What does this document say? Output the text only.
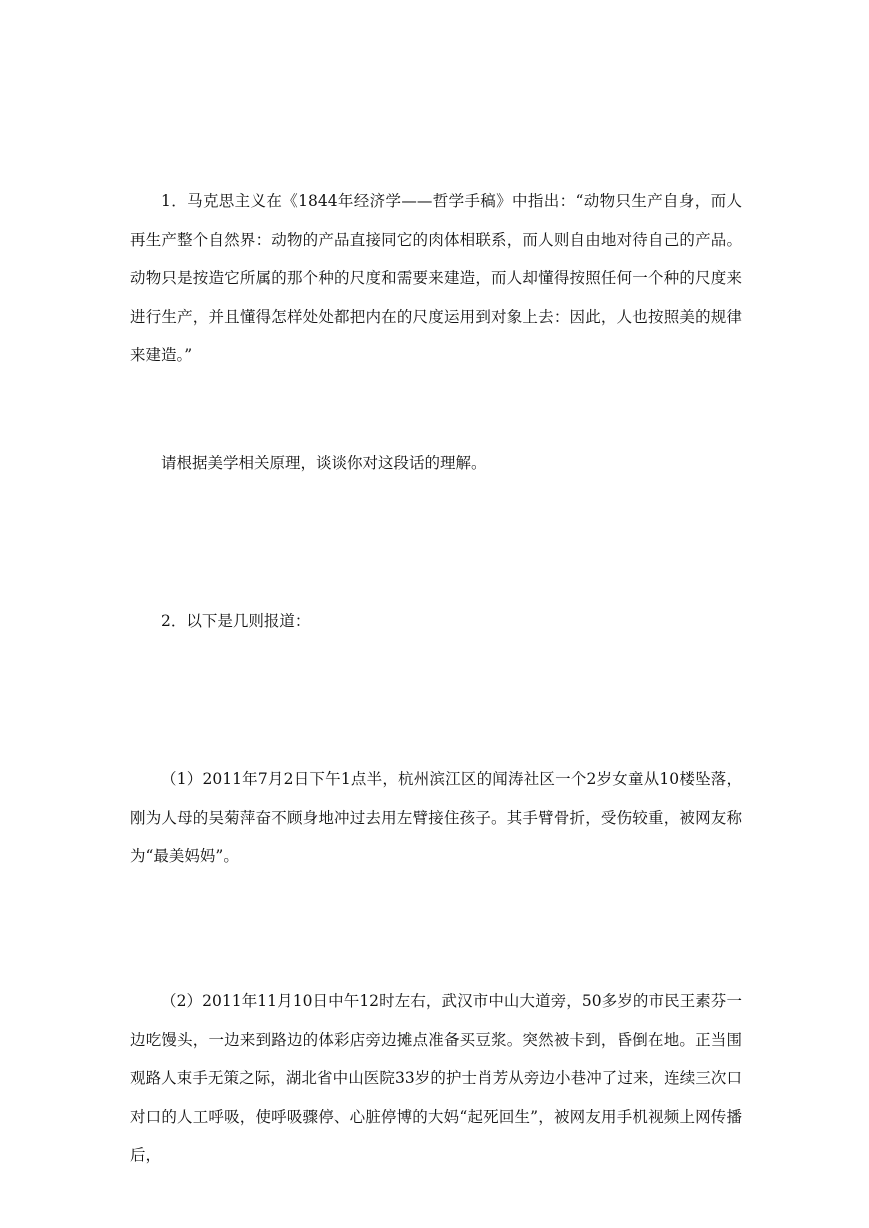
1．马克思主义在《1844年经济学——哲学手稿》中指出：“动物只生产自身，而人再生产整个自然界：动物的产品直接同它的肉体相联系，而人则自由地对待自己的产品。动物只是按造它所属的那个种的尺度和需要来建造，而人却懂得按照任何一个种的尺度来进行生产，并且懂得怎样处处都把内在的尺度运用到对象上去：因此，人也按照美的规律来建造。”

请根据美学相关原理，谈谈你对这段话的理解。

2．以下是几则报道：

（1）2011年7月2日下午1点半，杭州滨江区的闻涛社区一个2岁女童从10楼坠落，刚为人母的吴菊萍奋不顾身地冲过去用左臂接住孩子。其手臂骨折，受伤较重，被网友称为“最美妈妈”。

（2）2011年11月10日中午12时左右，武汉市中山大道旁，50多岁的市民王素芬一边吃馒头，一边来到路边的体彩店旁边摊点准备买豆浆。突然被卡到，昏倒在地。正当围观路人束手无策之际，湖北省中山医院33岁的护士肖芳从旁边小巷冲了过来，连续三次口对口的人工呼吸，使呼吸骤停、心脏停博的大妈“起死回生”，被网友用手机视频上网传播后，
